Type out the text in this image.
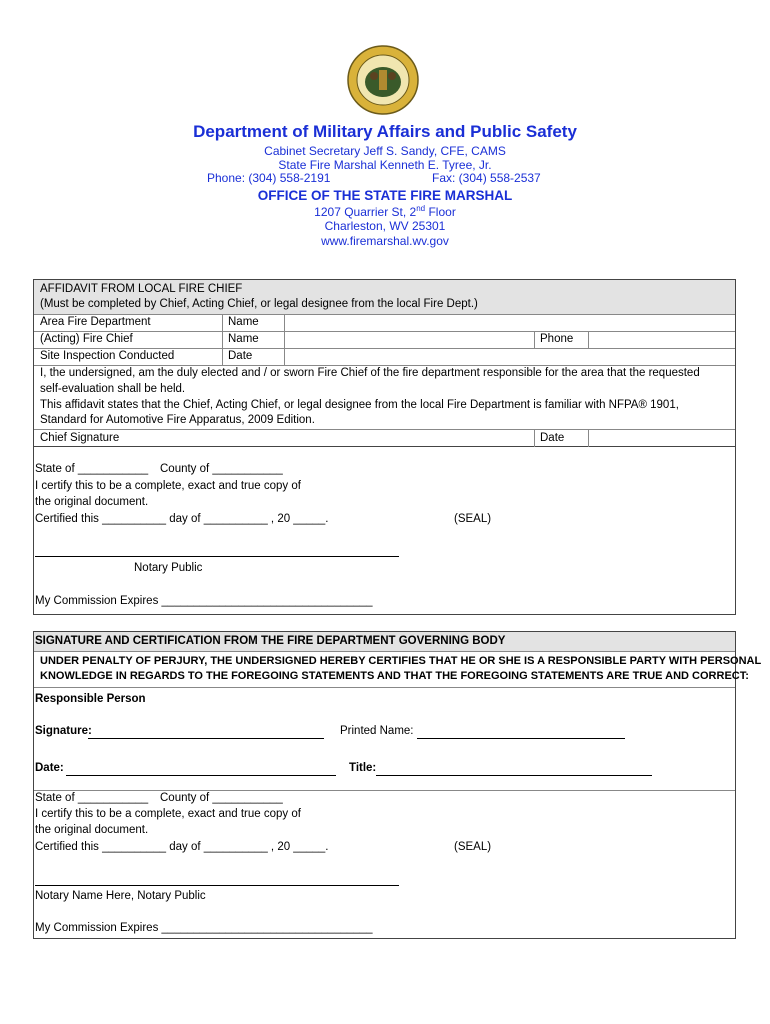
Department of Military Affairs and Public Safety
Cabinet Secretary Jeff S. Sandy, CFE, CAMS
State Fire Marshal Kenneth E. Tyree, Jr.
Phone: (304) 558-2191	Fax: (304) 558-2537
OFFICE OF THE STATE FIRE MARSHAL
1207 Quarrier St, 2nd Floor
Charleston, WV 25301
www.firemarshal.wv.gov
AFFIDAVIT FROM LOCAL FIRE CHIEF
(Must be completed by Chief, Acting Chief, or legal designee from the local Fire Dept.)
Area Fire Department	Name
(Acting) Fire Chief	Name	Phone
Site Inspection Conducted	Date
I, the undersigned, am the duly elected and / or sworn Fire Chief of the fire department responsible for the area that the requested
self-evaluation shall be held.
This affidavit states that the Chief, Acting Chief, or legal designee from the local Fire Department is familiar with NFPA® 1901,
Standard for Automotive Fire Apparatus, 2009 Edition.
Chief Signature	Date
State of ___________ County of ___________
I certify this to be a complete, exact and true copy of
the original document.
Certified this __________ day of __________ , 20 _____.	(SEAL)
Notary Public
My Commission Expires _________________________________
SIGNATURE AND CERTIFICATION FROM THE FIRE DEPARTMENT GOVERNING BODY
UNDER PENALTY OF PERJURY, THE UNDERSIGNED HEREBY CERTIFIES THAT HE OR SHE IS A RESPONSIBLE PARTY WITH PERSONAL
KNOWLEDGE IN REGARDS TO THE FOREGOING STATEMENTS AND THAT THE FOREGOING STATEMENTS ARE TRUE AND CORRECT:
Responsible Person
Signature:	Printed Name:
Date:	Title:
State of ___________ County of ___________
I certify this to be a complete, exact and true copy of
the original document.
Certified this __________ day of __________ , 20 _____.	(SEAL)
Notary Name Here, Notary Public
My Commission Expires _________________________________
